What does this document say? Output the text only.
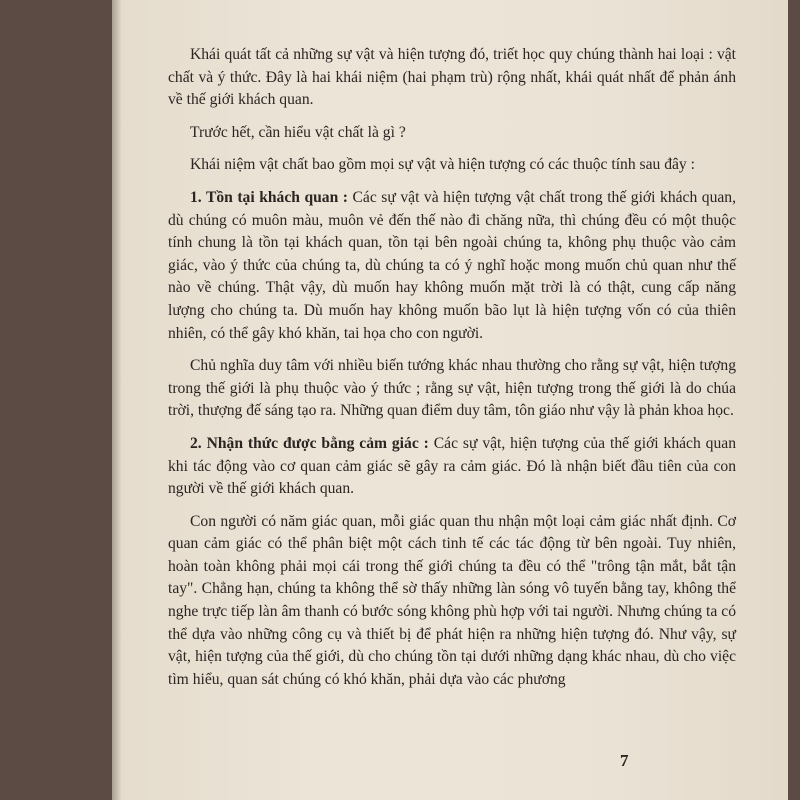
Khái quát tất cả những sự vật và hiện tượng đó, triết học quy chúng thành hai loại : vật chất và ý thức. Đây là hai khái niệm (hai phạm trù) rộng nhất, khái quát nhất để phản ánh về thế giới khách quan.

Trước hết, cần hiểu vật chất là gì ?

Khái niệm vật chất bao gồm mọi sự vật và hiện tượng có các thuộc tính sau đây :

1. Tồn tại khách quan : Các sự vật và hiện tượng vật chất trong thế giới khách quan, dù chúng có muôn màu, muôn vẻ đến thế nào đi chăng nữa, thì chúng đều có một thuộc tính chung là tồn tại khách quan, tồn tại bên ngoài chúng ta, không phụ thuộc vào cảm giác, vào ý thức của chúng ta, dù chúng ta có ý nghĩ hoặc mong muốn chủ quan như thế nào về chúng. Thật vậy, dù muốn hay không muốn mặt trời là có thật, cung cấp năng lượng cho chúng ta. Dù muốn hay không muốn bão lụt là hiện tượng vốn có của thiên nhiên, có thể gây khó khăn, tai họa cho con người.

Chủ nghĩa duy tâm với nhiều biến tướng khác nhau thường cho rằng sự vật, hiện tượng trong thế giới là phụ thuộc vào ý thức ; rằng sự vật, hiện tượng trong thế giới là do chúa trời, thượng đế sáng tạo ra. Những quan điểm duy tâm, tôn giáo như vậy là phản khoa học.

2. Nhận thức được bằng cảm giác : Các sự vật, hiện tượng của thế giới khách quan khi tác động vào cơ quan cảm giác sẽ gây ra cảm giác. Đó là nhận biết đầu tiên của con người về thế giới khách quan.

Con người có năm giác quan, mỗi giác quan thu nhận một loại cảm giác nhất định. Cơ quan cảm giác có thể phân biệt một cách tinh tế các tác động từ bên ngoài. Tuy nhiên, hoàn toàn không phải mọi cái trong thế giới chúng ta đều có thể "trông tận mắt, bắt tận tay". Chẳng hạn, chúng ta không thể sờ thấy những làn sóng vô tuyến bằng tay, không thể nghe trực tiếp làn âm thanh có bước sóng không phù hợp với tai người. Nhưng chúng ta có thể dựa vào những công cụ và thiết bị để phát hiện ra những hiện tượng đó. Như vậy, sự vật, hiện tượng của thế giới, dù cho chúng tồn tại dưới những dạng khác nhau, dù cho việc tìm hiểu, quan sát chúng có khó khăn, phải dựa vào các phương

7
